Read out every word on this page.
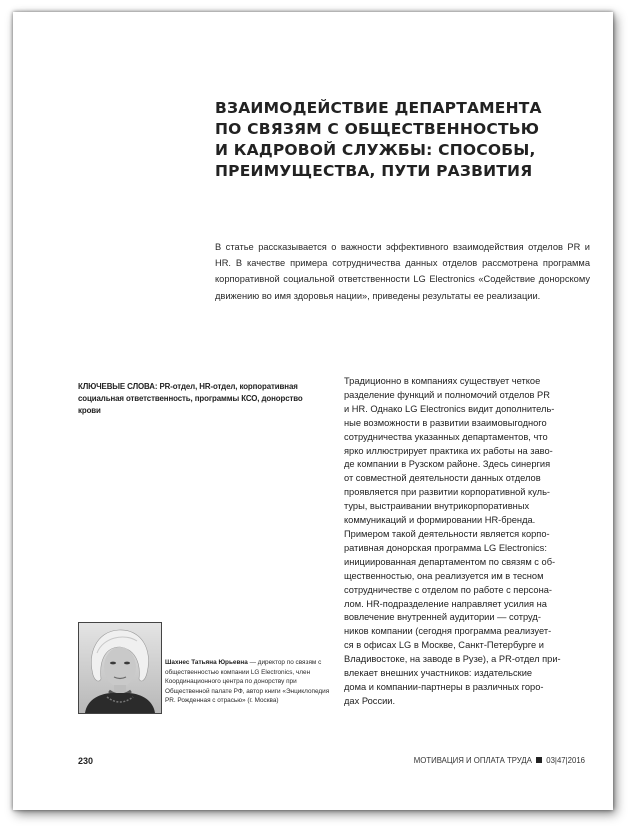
ВЗАИМОДЕЙСТВИЕ ДЕПАРТАМЕНТА
ПО СВЯЗЯМ С ОБЩЕСТВЕННОСТЬЮ
И КАДРОВОЙ СЛУЖБЫ: СПОСОБЫ,
ПРЕИМУЩЕСТВА, ПУТИ РАЗВИТИЯ
В статье рассказывается о важности эффективного взаимодействия отделов PR и HR. В качестве примера сотрудничества данных отделов рассмотрена программа корпоративной социальной ответственности LG Electronics «Содействие донорскому движению во имя здоровья нации», приведены результаты ее реализации.
КЛЮЧЕВЫЕ СЛОВА: PR-отдел, HR-отдел, корпоративная социальная ответственность, программы КСО, донорство крови
Традиционно в компаниях существует четкое
разделение функций и полномочий отделов PR
и HR. Однако LG Electronics видит дополнитель-
ные возможности в развитии взаимовыгодного
сотрудничества указанных департаментов, что
ярко иллюстрирует практика их работы на заво-
де компании в Рузском районе. Здесь синергия
от совместной деятельности данных отделов
проявляется при развитии корпоративной куль-
туры, выстраивании внутрикорпоративных
коммуникаций и формировании HR-бренда.
Примером такой деятельности является корпо-
ративная донорская программа LG Electronics:
инициированная департаментом по связям с об-
щественностью, она реализуется им в тесном
сотрудничестве с отделом по работе с персона-
лом. HR-подразделение направляет усилия на
вовлечение внутренней аудитории — сотруд-
ников компании (сегодня программа реализует-
ся в офисах LG в Москве, Санкт-Петербурге и
Владивостоке, на заводе в Рузе), а PR-отдел при-
влекает внешних участников: издательские
дома и компании-партнеры в различных горо-
дах России.
Шахнес Татьяна Юрьевна — директор по связям с общественностью компании LG Electronics, член Координационного центра по донорству при Общественной палате РФ, автор книги «Энциклопедия PR. Рожденная с отрасью» (г. Москва)
230	МОТИВАЦИЯ И ОПЛАТА ТРУДА 03|47|2016
